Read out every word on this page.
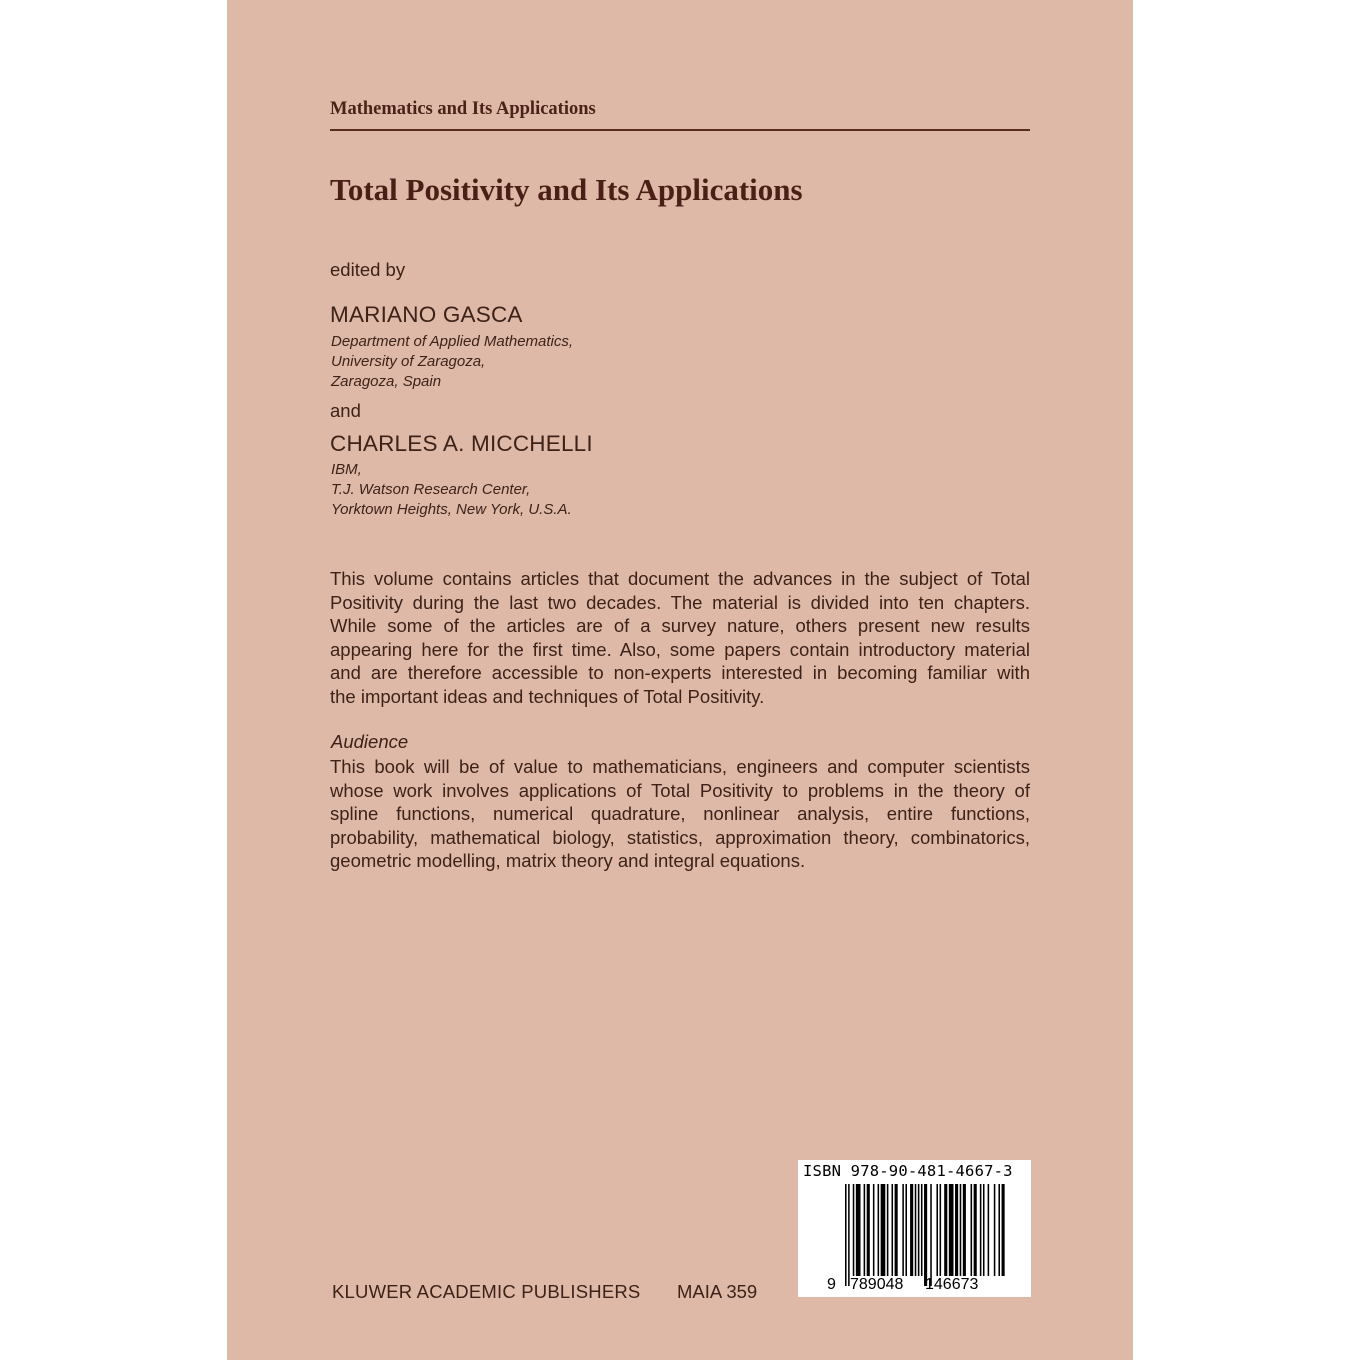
Mathematics and Its Applications
Total Positivity and Its Applications
edited by
MARIANO GASCA
Department of Applied Mathematics,
University of Zaragoza,
Zaragoza, Spain
and
CHARLES A. MICCHELLI
IBM,
T.J. Watson Research Center,
Yorktown Heights, New York, U.S.A.
This volume contains articles that document the advances in the subject of Total
Positivity during the last two decades. The material is divided into ten chapters.
While some of the articles are of a survey nature, others present new results
appearing here for the first time. Also, some papers contain introductory material
and are therefore accessible to non-experts interested in becoming familiar with
the important ideas and techniques of Total Positivity.
Audience
This book will be of value to mathematicians, engineers and computer scientists
whose work involves applications of Total Positivity to problems in the theory of
spline functions, numerical quadrature, nonlinear analysis, entire functions,
probability, mathematical biology, statistics, approximation theory, combinatorics,
geometric modelling, matrix theory and integral equations.
KLUWER ACADEMIC PUBLISHERS MAIA 359
ISBN 978-90-481-4667-3
9 789048 146673
